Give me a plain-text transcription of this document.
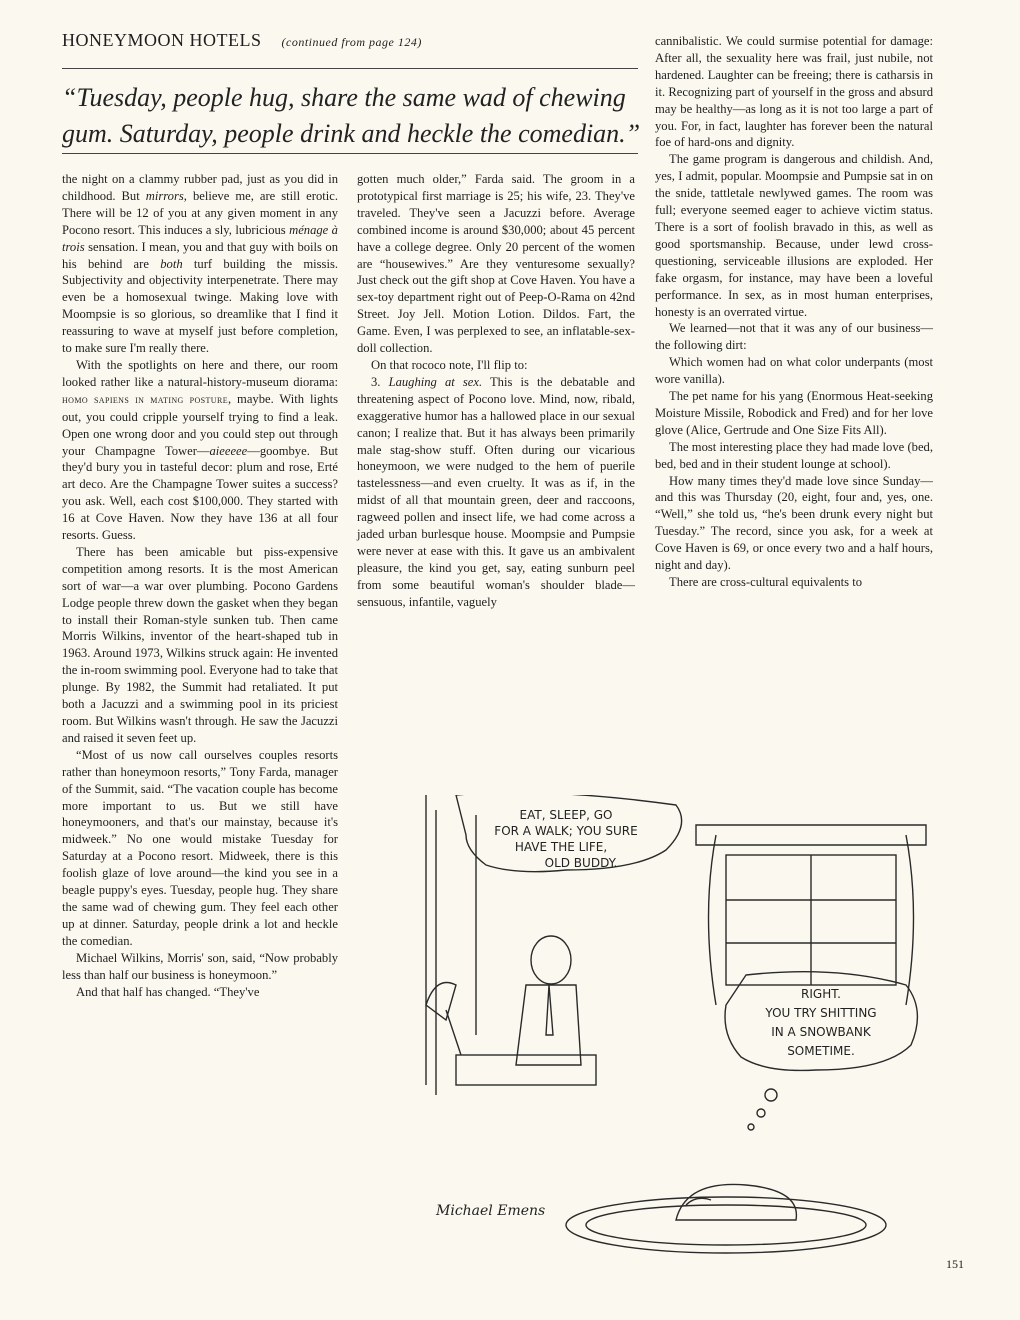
HONEYMOON HOTELS (continued from page 124)
“Tuesday, people hug, share the same wad of chewing gum. Saturday, people drink and heckle the comedian.”

the night on a clammy rubber pad, just as you did in childhood. But mirrors, believe me, are still erotic. There will be 12 of you at any given moment in any Pocono resort. This induces a sly, lubricious ménage à trois sensation. I mean, you and that guy with boils on his behind are both turf building the missis. Subjectivity and objectivity interpenetrate. There may even be a homosexual twinge. Making love with Moompsie is so glorious, so dreamlike that I find it reassuring to wave at myself just before completion, to make sure I'm really there.

With the spotlights on here and there, our room looked rather like a natural-history-museum diorama: homo sapiens in mating posture, maybe. With lights out, you could cripple yourself trying to find a leak. Open one wrong door and you could step out through your Champagne Tower—aieeeee—goombye. But they'd bury you in tasteful decor: plum and rose, Erté art deco. Are the Champagne Tower suites a success? you ask. Well, each cost $100,000. They started with 16 at Cove Haven. Now they have 136 at all four resorts. Guess.

There has been amicable but piss-expensive competition among resorts. It is the most American sort of war—a war over plumbing. Pocono Gardens Lodge people threw down the gasket when they began to install their Roman-style sunken tub. Then came Morris Wilkins, inventor of the heart-shaped tub in 1963. Around 1973, Wilkins struck again: He invented the in-room swimming pool. Everyone had to take that plunge. By 1982, the Summit had retaliated. It put both a Jacuzzi and a swimming pool in its priciest room. But Wilkins wasn't through. He saw the Jacuzzi and raised it seven feet up.

“Most of us now call ourselves couples resorts rather than honeymoon resorts,” Tony Farda, manager of the Summit, said. “The vacation couple has become more important to us. But we still have honeymooners, and that's our mainstay, because it's midweek.” No one would mistake Tuesday for Saturday at a Pocono resort. Midweek, there is this foolish glaze of love around—the kind you see in a beagle puppy's eyes. Tuesday, people hug. They share the same wad of chewing gum. They feel each other up at dinner. Saturday, people drink a lot and heckle the comedian.

Michael Wilkins, Morris' son, said, “Now probably less than half our business is honeymoon.”

And that half has changed. “They've

gotten much older,” Farda said. The groom in a prototypical first marriage is 25; his wife, 23. They've traveled. They've seen a Jacuzzi before. Average combined income is around $30,000; about 45 percent have a college degree. Only 20 percent of the women are “housewives.” Are they venturesome sexually? Just check out the gift shop at Cove Haven. You have a sex-toy department right out of Peep-O-Rama on 42nd Street. Joy Jell. Motion Lotion. Dildos. Fart, the Game. Even, I was perplexed to see, an inflatable-sex-doll collection.

On that rococo note, I'll flip to:

3. Laughing at sex. This is the debatable and threatening aspect of Pocono love. Mind, now, ribald, exaggerative humor has a hallowed place in our sexual canon; I realize that. But it has always been primarily male stag-show stuff. Often during our vicarious honeymoon, we were nudged to the hem of puerile tastelessness—and even cruelty. It was as if, in the midst of all that mountain green, deer and raccoons, ragweed pollen and insect life, we had come across a jaded urban burlesque house. Moompsie and Pumpsie were never at ease with this. It gave us an ambivalent pleasure, the kind you get, say, eating sunburn peel from some beautiful woman's shoulder blade—sensuous, infantile, vaguely

cannibalistic. We could surmise potential for damage: After all, the sexuality here was frail, just nubile, not hardened. Laughter can be freeing; there is catharsis in it. Recognizing part of yourself in the gross and absurd may be healthy—as long as it is not too large a part of you. For, in fact, laughter has forever been the natural foe of hard-ons and dignity.

The game program is dangerous and childish. And, yes, I admit, popular. Moompsie and Pumpsie sat in on the snide, tattletale newlywed games. The room was full; everyone seemed eager to achieve victim status. There is a sort of foolish bravado in this, as well as good sportsmanship. Because, under lewd cross-questioning, serviceable illusions are exploded. Her fake orgasm, for instance, may have been a loveful performance. In sex, as in most human enterprises, honesty is an overrated virtue.

We learned—not that it was any of our business—the following dirt:

Which women had on what color underpants (most wore vanilla).

The pet name for his yang (Enormous Heat-seeking Moisture Missile, Robodick and Fred) and for her love glove (Alice, Gertrude and One Size Fits All).

The most interesting place they had made love (bed, bed, bed and in their student lounge at school).

How many times they'd made love since Sunday—and this was Thursday (20, eight, four and, yes, one. “Well,” she told us, “he's been drunk every night but Tuesday.” The record, since you ask, for a week at Cove Haven is 69, or once every two and a half hours, night and day).

There are cross-cultural equivalents to

EAT, SLEEP, GO
FOR A WALK; YOU SURE
HAVE THE LIFE,
OLD BUDDY.
RIGHT.
YOU TRY SHITTING
IN A SNOWBANK
SOMETIME.
Michael Emens
151
